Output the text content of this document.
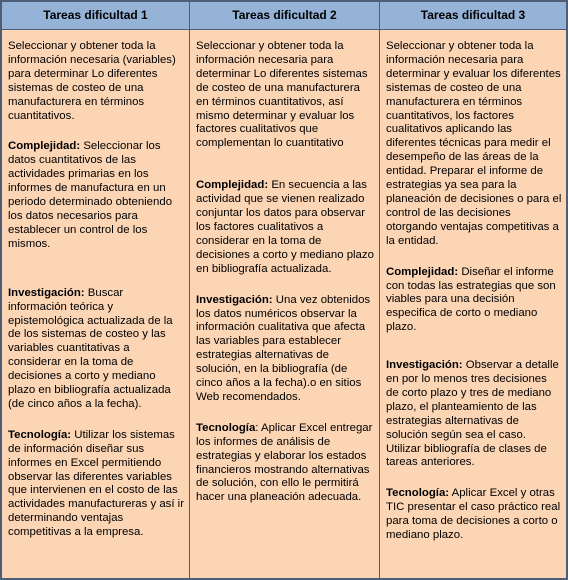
Tareas dificultad 1	Tareas dificultad 2	Tareas dificultad 3

Seleccionar y obtener toda la información necesaria (variables) para determinar Lo diferentes sistemas de costeo de una manufacturera en términos cuantitativos.

Complejidad: Seleccionar los datos cuantitativos de las actividades primarias en los informes de manufactura en un periodo determinado obteniendo los datos necesarios para establecer un control de los mismos.

Investigación: Buscar información teórica y epistemológica actualizada de la de los sistemas de costeo y las variables cuantitativas a considerar en la toma de decisiones a corto y mediano plazo en bibliografía actualizada (de cinco años a la fecha).

Tecnología: Utilizar los sistemas de información diseñar sus informes en Excel permitiendo observar las diferentes variables que intervienen en el costo de las actividades manufactureras y así ir determinando ventajas competitivas a la empresa.

Seleccionar y obtener toda la información necesaria para determinar Lo diferentes sistemas de costeo de una manufacturera en términos cuantitativos, así mismo determinar y evaluar los factores cualitativos que complementan lo cuantitativo

Complejidad: En secuencia a las actividad que se vienen realizado conjuntar los datos para observar los factores cualitativos a considerar en la toma de decisiones a corto y mediano plazo en bibliografía actualizada.

Investigación: Una vez obtenidos los datos numéricos observar la información cualitativa que afecta las variables para establecer estrategias alternativas de solución, en la bibliografía (de cinco años a la fecha).o en sitios Web recomendados.

Tecnología: Aplicar Excel entregar los informes de análisis de estrategias y elaborar los estados financieros mostrando alternativas de solución, con ello le permitirá hacer una planeación adecuada.

Seleccionar y obtener toda la información necesaria para determinar y evaluar los diferentes sistemas de costeo de una manufacturera en términos cuantitativos, los factores cualitativos aplicando las diferentes técnicas para medir el desempeño de las áreas de la entidad. Preparar el informe de estrategias ya sea para la planeación de decisiones o para el control de las decisiones otorgando ventajas competitivas a la entidad.

Complejidad: Diseñar el informe con todas las estrategias que son viables para una decisión especifica de corto o mediano plazo.

Investigación: Observar a detalle en por lo menos tres decisiones de corto plazo y tres de mediano plazo, el planteamiento de las estrategias alternativas de solución según sea el caso. Utilizar bibliografía de clases de tareas anteriores.

Tecnología: Aplicar Excel y otras TIC presentar el caso práctico real para toma de decisiones a corto o mediano plazo.
